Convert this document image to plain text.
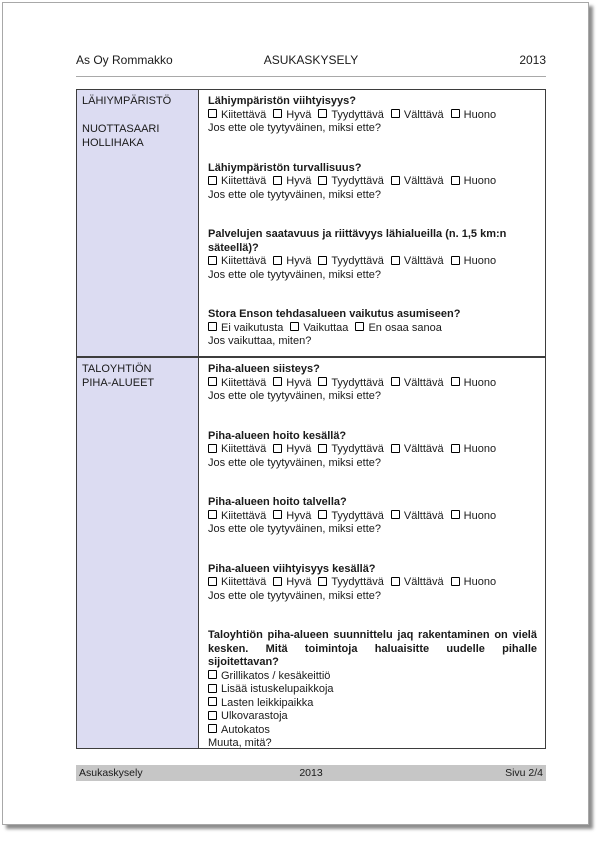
As Oy Rommakko	ASUKASKYSELY	2013
LÄHIYMPÄRISTÖ

NUOTTASAARI
HOLLIHAKA
Lähiympäristön viihtyisyys?
Kiitettävä Hyvä Tyydyttävä Välttävä Huono
Jos ette ole tyytyväinen, miksi ette?
Lähiympäristön turvallisuus?
Kiitettävä Hyvä Tyydyttävä Välttävä Huono
Jos ette ole tyytyväinen, miksi ette?
Palvelujen saatavuus ja riittävyys lähialueilla (n. 1,5 km:n säteellä)?
Kiitettävä Hyvä Tyydyttävä Välttävä Huono
Jos ette ole tyytyväinen, miksi ette?
Stora Enson tehdasalueen vaikutus asumiseen?
Ei vaikutusta Vaikuttaa En osaa sanoa
Jos vaikuttaa, miten?
TALOYHTIÖN
PIHA-ALUEET
Piha-alueen siisteys?
Kiitettävä Hyvä Tyydyttävä Välttävä Huono
Jos ette ole tyytyväinen, miksi ette?
Piha-alueen hoito kesällä?
Kiitettävä Hyvä Tyydyttävä Välttävä Huono
Jos ette ole tyytyväinen, miksi ette?
Piha-alueen hoito talvella?
Kiitettävä Hyvä Tyydyttävä Välttävä Huono
Jos ette ole tyytyväinen, miksi ette?
Piha-alueen viihtyisyys kesällä?
Kiitettävä Hyvä Tyydyttävä Välttävä Huono
Jos ette ole tyytyväinen, miksi ette?
Taloyhtiön piha-alueen suunnittelu jaq rakentaminen on vielä kesken. Mitä toimintoja haluaisitte uudelle pihalle sijoitettavan?
Grillikatos / kesäkeittiö
Lisää istuskelupaikkoja
Lasten leikkipaikka
Ulkovarastoja
Autokatos
Muuta, mitä?
Asukaskysely	2013	Sivu 2/4
